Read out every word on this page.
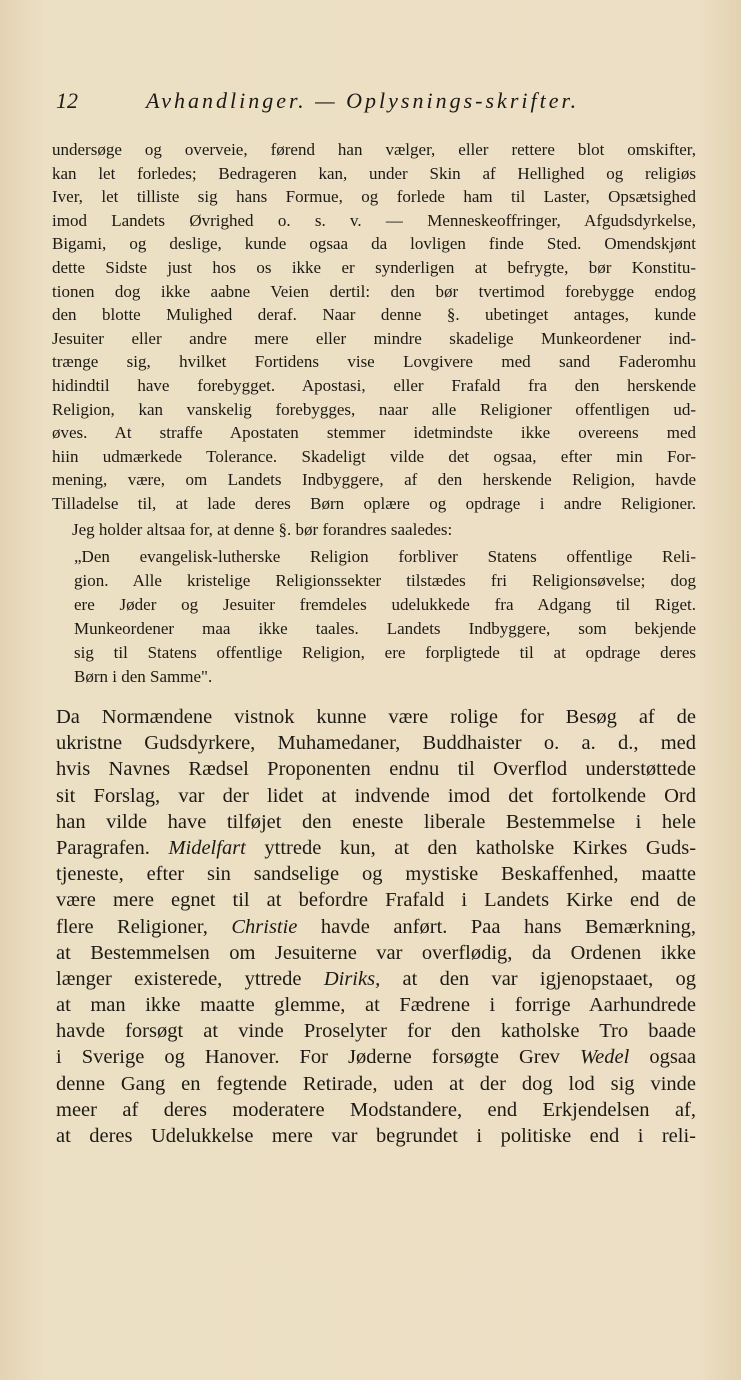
12	Avhandlinger. — Oplysnings-skrifter.
undersøge og overveie, førend han vælger, eller rettere blot omskifter,
kan let forledes; Bedrageren kan, under Skin af Hellighed og religiøs
Iver, let tilliste sig hans Formue, og forlede ham til Laster, Opsætsighed
imod Landets Øvrighed o. s. v. — Menneskeoffringer, Afgudsdyrkelse,
Bigami, og deslige, kunde ogsaa da lovligen finde Sted. Omendskjønt
dette Sidste just hos os ikke er synderligen at befrygte, bør Konstitu-
tionen dog ikke aabne Veien dertil: den bør tvertimod forebygge endog
den blotte Mulighed deraf. Naar denne §. ubetinget antages, kunde
Jesuiter eller andre mere eller mindre skadelige Munkeordener ind-
trænge sig, hvilket Fortidens vise Lovgivere med sand Faderomhu
hidindtil have forebygget. Apostasi, eller Frafald fra den herskende
Religion, kan vanskelig forebygges, naar alle Religioner offentligen ud-
øves. At straffe Apostaten stemmer idetmindste ikke overeens med
hiin udmærkede Tolerance. Skadeligt vilde det ogsaa, efter min For-
mening, være, om Landets Indbyggere, af den herskende Religion, havde
Tilladelse til, at lade deres Børn oplære og opdrage i andre Religioner.
Jeg holder altsaa for, at denne §. bør forandres saaledes:
„Den evangelisk-lutherske Religion forbliver Statens offentlige Reli-
gion. Alle kristelige Religionssekter tilstædes fri Religionsøvelse; dog
ere Jøder og Jesuiter fremdeles udelukkede fra Adgang til Riget.
Munkeordener maa ikke taales. Landets Indbyggere, som bekjende
sig til Statens offentlige Religion, ere forpligtede til at opdrage deres
Børn i den Samme".
Da Normændene vistnok kunne være rolige for Besøg af de
ukristne Gudsdyrkere, Muhamedaner, Buddhaister o. a. d., med
hvis Navnes Rædsel Proponenten endnu til Overflod understøttede
sit Forslag, var der lidet at indvende imod det fortolkende Ord
han vilde have tilføjet den eneste liberale Bestemmelse i hele
Paragrafen. Midelfart yttrede kun, at den katholske Kirkes Guds-
tjeneste, efter sin sandselige og mystiske Beskaffenhed, maatte
være mere egnet til at befordre Frafald i Landets Kirke end de
flere Religioner, Christie havde anført. Paa hans Bemærkning,
at Bestemmelsen om Jesuiterne var overflødig, da Ordenen ikke
længer existerede, yttrede Diriks, at den var igjenopstaaet, og
at man ikke maatte glemme, at Fædrene i forrige Aarhundrede
havde forsøgt at vinde Proselyter for den katholske Tro baade
i Sverige og Hanover. For Jøderne forsøgte Grev Wedel ogsaa
denne Gang en fegtende Retirade, uden at der dog lod sig vinde
meer af deres moderatere Modstandere, end Erkjendelsen af,
at deres Udelukkelse mere var begrundet i politiske end i reli-
